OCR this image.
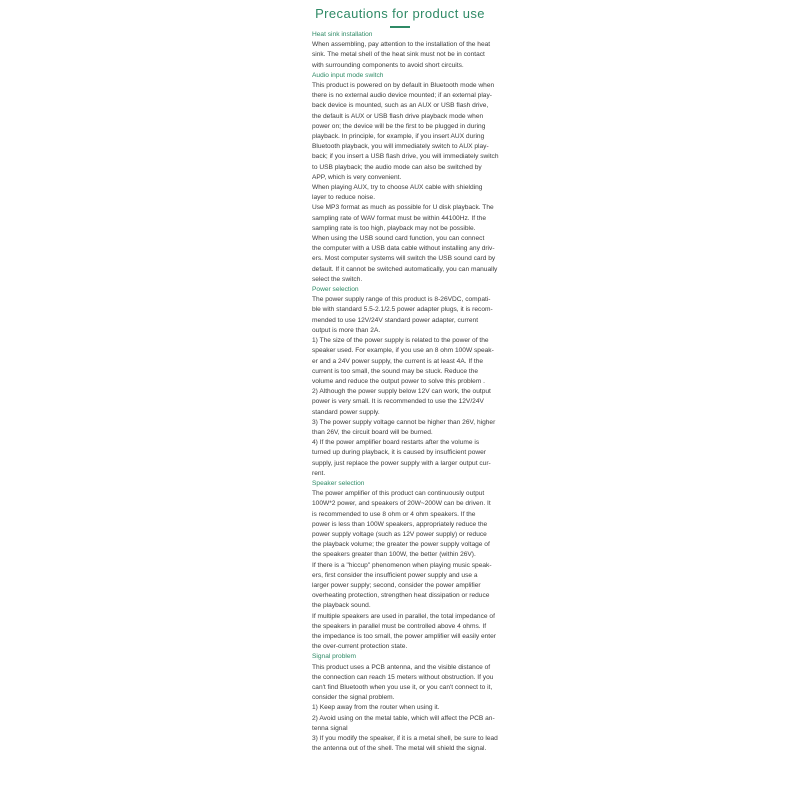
Precautions for product use
Heat sink installation
When assembling, pay attention to the installation of the heat
sink. The metal shell of the heat sink must not be in contact
with surrounding components to avoid short circuits.
Audio input mode switch
This product is powered on by default in Bluetooth mode when
there is no external audio device mounted; if an external play-
back device is mounted, such as an AUX or USB flash drive,
the default is AUX or USB flash drive playback mode when
power on; the device will be the first to be plugged in during
playback. In principle, for example, if you insert AUX during
Bluetooth playback, you will immediately switch to AUX play-
back; if you insert a USB flash drive, you will immediately switch
to USB playback; the audio mode can also be switched by
APP, which is very convenient.
When playing AUX, try to choose AUX cable with shielding
layer to reduce noise.
Use MP3 format as much as possible for U disk playback. The
sampling rate of WAV format must be within 44100Hz. If the
sampling rate is too high, playback may not be possible.
When using the USB sound card function, you can connect
the computer with a USB data cable without installing any driv-
ers. Most computer systems will switch the USB sound card by
default. If it cannot be switched automatically, you can manually
select the switch.
Power selection
The power supply range of this product is 8-26VDC, compati-
ble with standard 5.5-2.1/2.5 power adapter plugs, it is recom-
mended to use 12V/24V standard power adapter, current
output is more than 2A.
1) The size of the power supply is related to the power of the
speaker used. For example, if you use an 8 ohm 100W speak-
er and a 24V power supply, the current is at least 4A. If the
current is too small, the sound may be stuck. Reduce the
volume and reduce the output power to solve this problem .
2) Although the power supply below 12V can work, the output
power is very small. It is recommended to use the 12V/24V
standard power supply.
3) The power supply voltage cannot be higher than 26V, higher
than 26V, the circuit board will be burned.
4) If the power amplifier board restarts after the volume is
turned up during playback, it is caused by insufficient power
supply, just replace the power supply with a larger output cur-
rent.
Speaker selection
The power amplifier of this product can continuously output
100W*2 power, and speakers of 20W~200W can be driven. It
is recommended to use 8 ohm or 4 ohm speakers. If the
power is less than 100W speakers, appropriately reduce the
power supply voltage (such as 12V power supply) or reduce
the playback volume; the greater the power supply voltage of
the speakers greater than 100W, the better (within 26V).
If there is a "hiccup" phenomenon when playing music speak-
ers, first consider the insufficient power supply and use a
larger power supply; second, consider the power amplifier
overheating protection, strengthen heat dissipation or reduce
the playback sound.
If multiple speakers are used in parallel, the total impedance of
the speakers in parallel must be controlled above 4 ohms. If
the impedance is too small, the power amplifier will easily enter
the over-current protection state.
Signal problem
This product uses a PCB antenna, and the visible distance of
the connection can reach 15 meters without obstruction. If you
can't find Bluetooth when you use it, or you can't connect to it,
consider the signal problem.
1) Keep away from the router when using it.
2) Avoid using on the metal table, which will affect the PCB an-
tenna signal
3) If you modify the speaker, if it is a metal shell, be sure to lead
the antenna out of the shell. The metal will shield the signal.
